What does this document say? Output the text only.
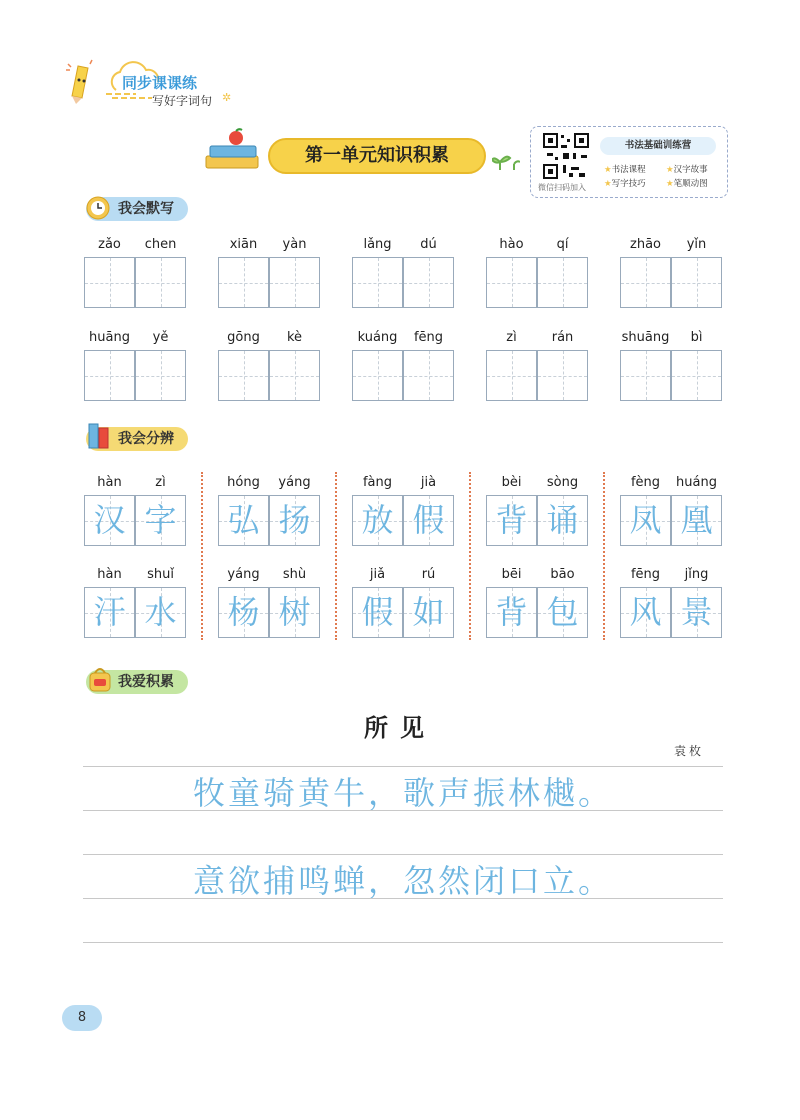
同步课课练
写好字词句 ✲
第一单元知识积累
微信扫码加入
书法基础训练营
★书法课程 ★汉字故事
★写字技巧 ★笔顺动图
我会默写
我会分辨
我爱积累
zǎo	chen	xiān	yàn	lǎng	dú	hào	qí	zhāo	yǐn
huāng	yě	gōng	kè	kuáng	fēng	zì	rán	shuāng	bì
hàn	zì
汉 字
hóng	yáng
弘 扬
fàng	jià
放 假
bèi	sòng
背 诵
fèng	huáng
凤 凰
hàn	shuǐ
汗 水
yáng	shù
杨 树
jiǎ	rú
假 如
bēi	bāo
背 包
fēng	jǐng
风 景
所见
袁枚
牧童骑黄牛，歌声振林樾。
意欲捕鸣蝉，忽然闭口立。
8
